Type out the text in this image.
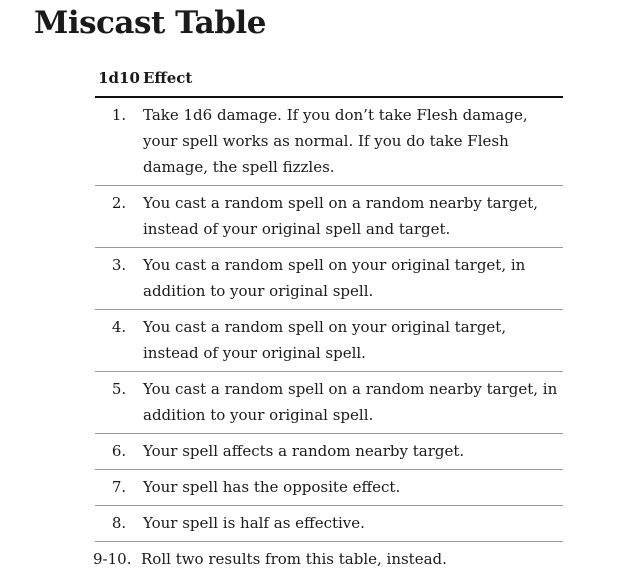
Miscast Table
1d10 Effect
1.	Take 1d6 damage. If you don’t take Flesh damage, your spell works as normal. If you do take Flesh damage, the spell fizzles.
2.	You cast a random spell on a random nearby target, instead of your original spell and target.
3.	You cast a random spell on your original target, in addition to your original spell.
4.	You cast a random spell on your original target, instead of your original spell.
5.	You cast a random spell on a random nearby target, in addition to your original spell.
6.	Your spell affects a random nearby target.
7.	Your spell has the opposite effect.
8.	Your spell is half as effective.
9-10. Roll two results from this table, instead.
